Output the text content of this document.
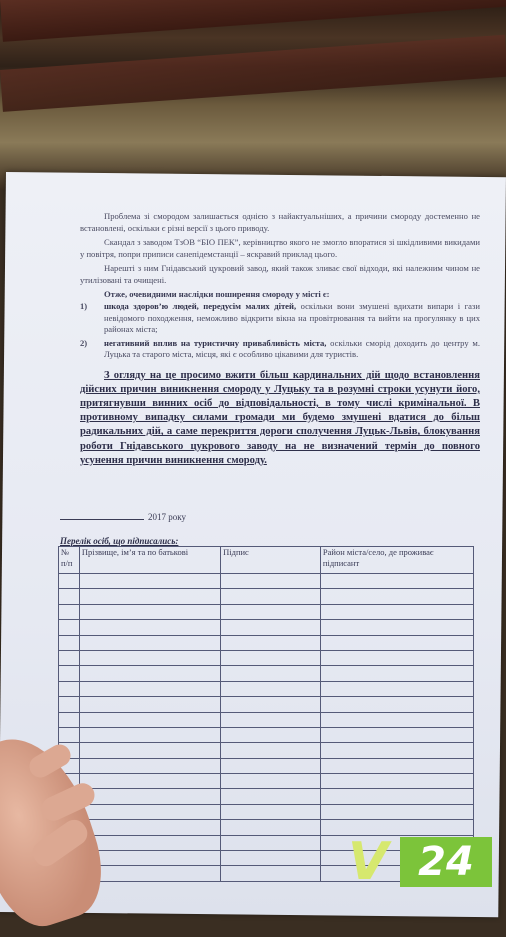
Проблема зі смородом залишається однією з найактуальніших, а причини смороду достеменно не встановлені, оскільки є різні версії з цього приводу.

Скандал з заводом ТзОВ “БІО ПЕК”, керівництво якого не змогло впоратися зі шкідливими викидами у повітря, попри приписи санепідемстанції – яскравий приклад цього.

Нарешті з ним Гнідавський цукровий завод, який також зливає свої відходи, які належним чином не утилізовані та очищені.

Отже, очевидними наслідки поширення смороду у місті є:
1)	шкода здоров’ю людей, передусім малих дітей, оскільки вони змушені вдихати випари і гази невідомого походження, неможливо відкрити вікна на провітрювання та вийти на прогулянку в цих районах міста;
2)	негативний вплив на туристичну привабливість міста, оскільки сморід доходить до центру м. Луцька та старого міста, місця, які є особливо цікавими для туристів.
З огляду на це просимо вжити більш кардинальних дій щодо встановлення дійсних причин виникнення смороду у Луцьку та в розумні строки усунути його, притягнувши винних осіб до відповідальності, в тому числі кримінальної. В противному випадку силами громади ми будемо змушені вдатися до більш радикальних дій, а саме перекриття дороги сполучення Луцьк-Львів, блокування роботи Гнідавського цукрового заводу на не визначений термін до повного усунення причин виникнення смороду.
2017 року
Перелік осіб, що підписались:
№ п/п	Прізвище, ім’я та по батькові	Підпис	Район міста/село, де проживає підписант

V 24
